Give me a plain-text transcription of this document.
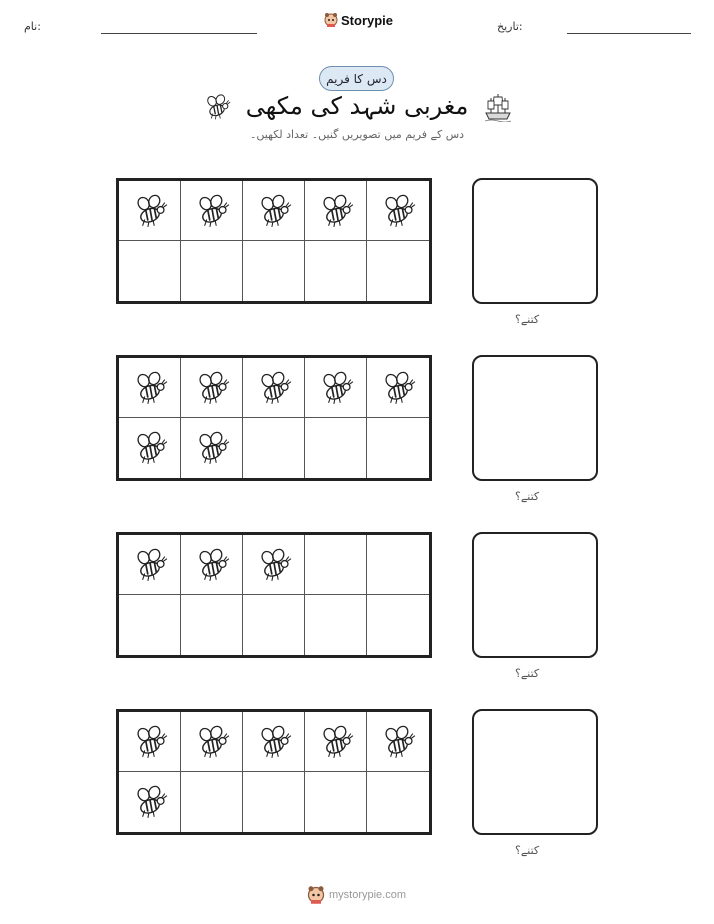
تاریخ:
Storypie
نام:
دس کا فریم
مغربی شہد کی مکھی
دس کے فریم میں تصویریں گنیں۔ تعداد لکھیں۔
کتنے؟
کتنے؟
کتنے؟
کتنے؟
mystorypie.com
